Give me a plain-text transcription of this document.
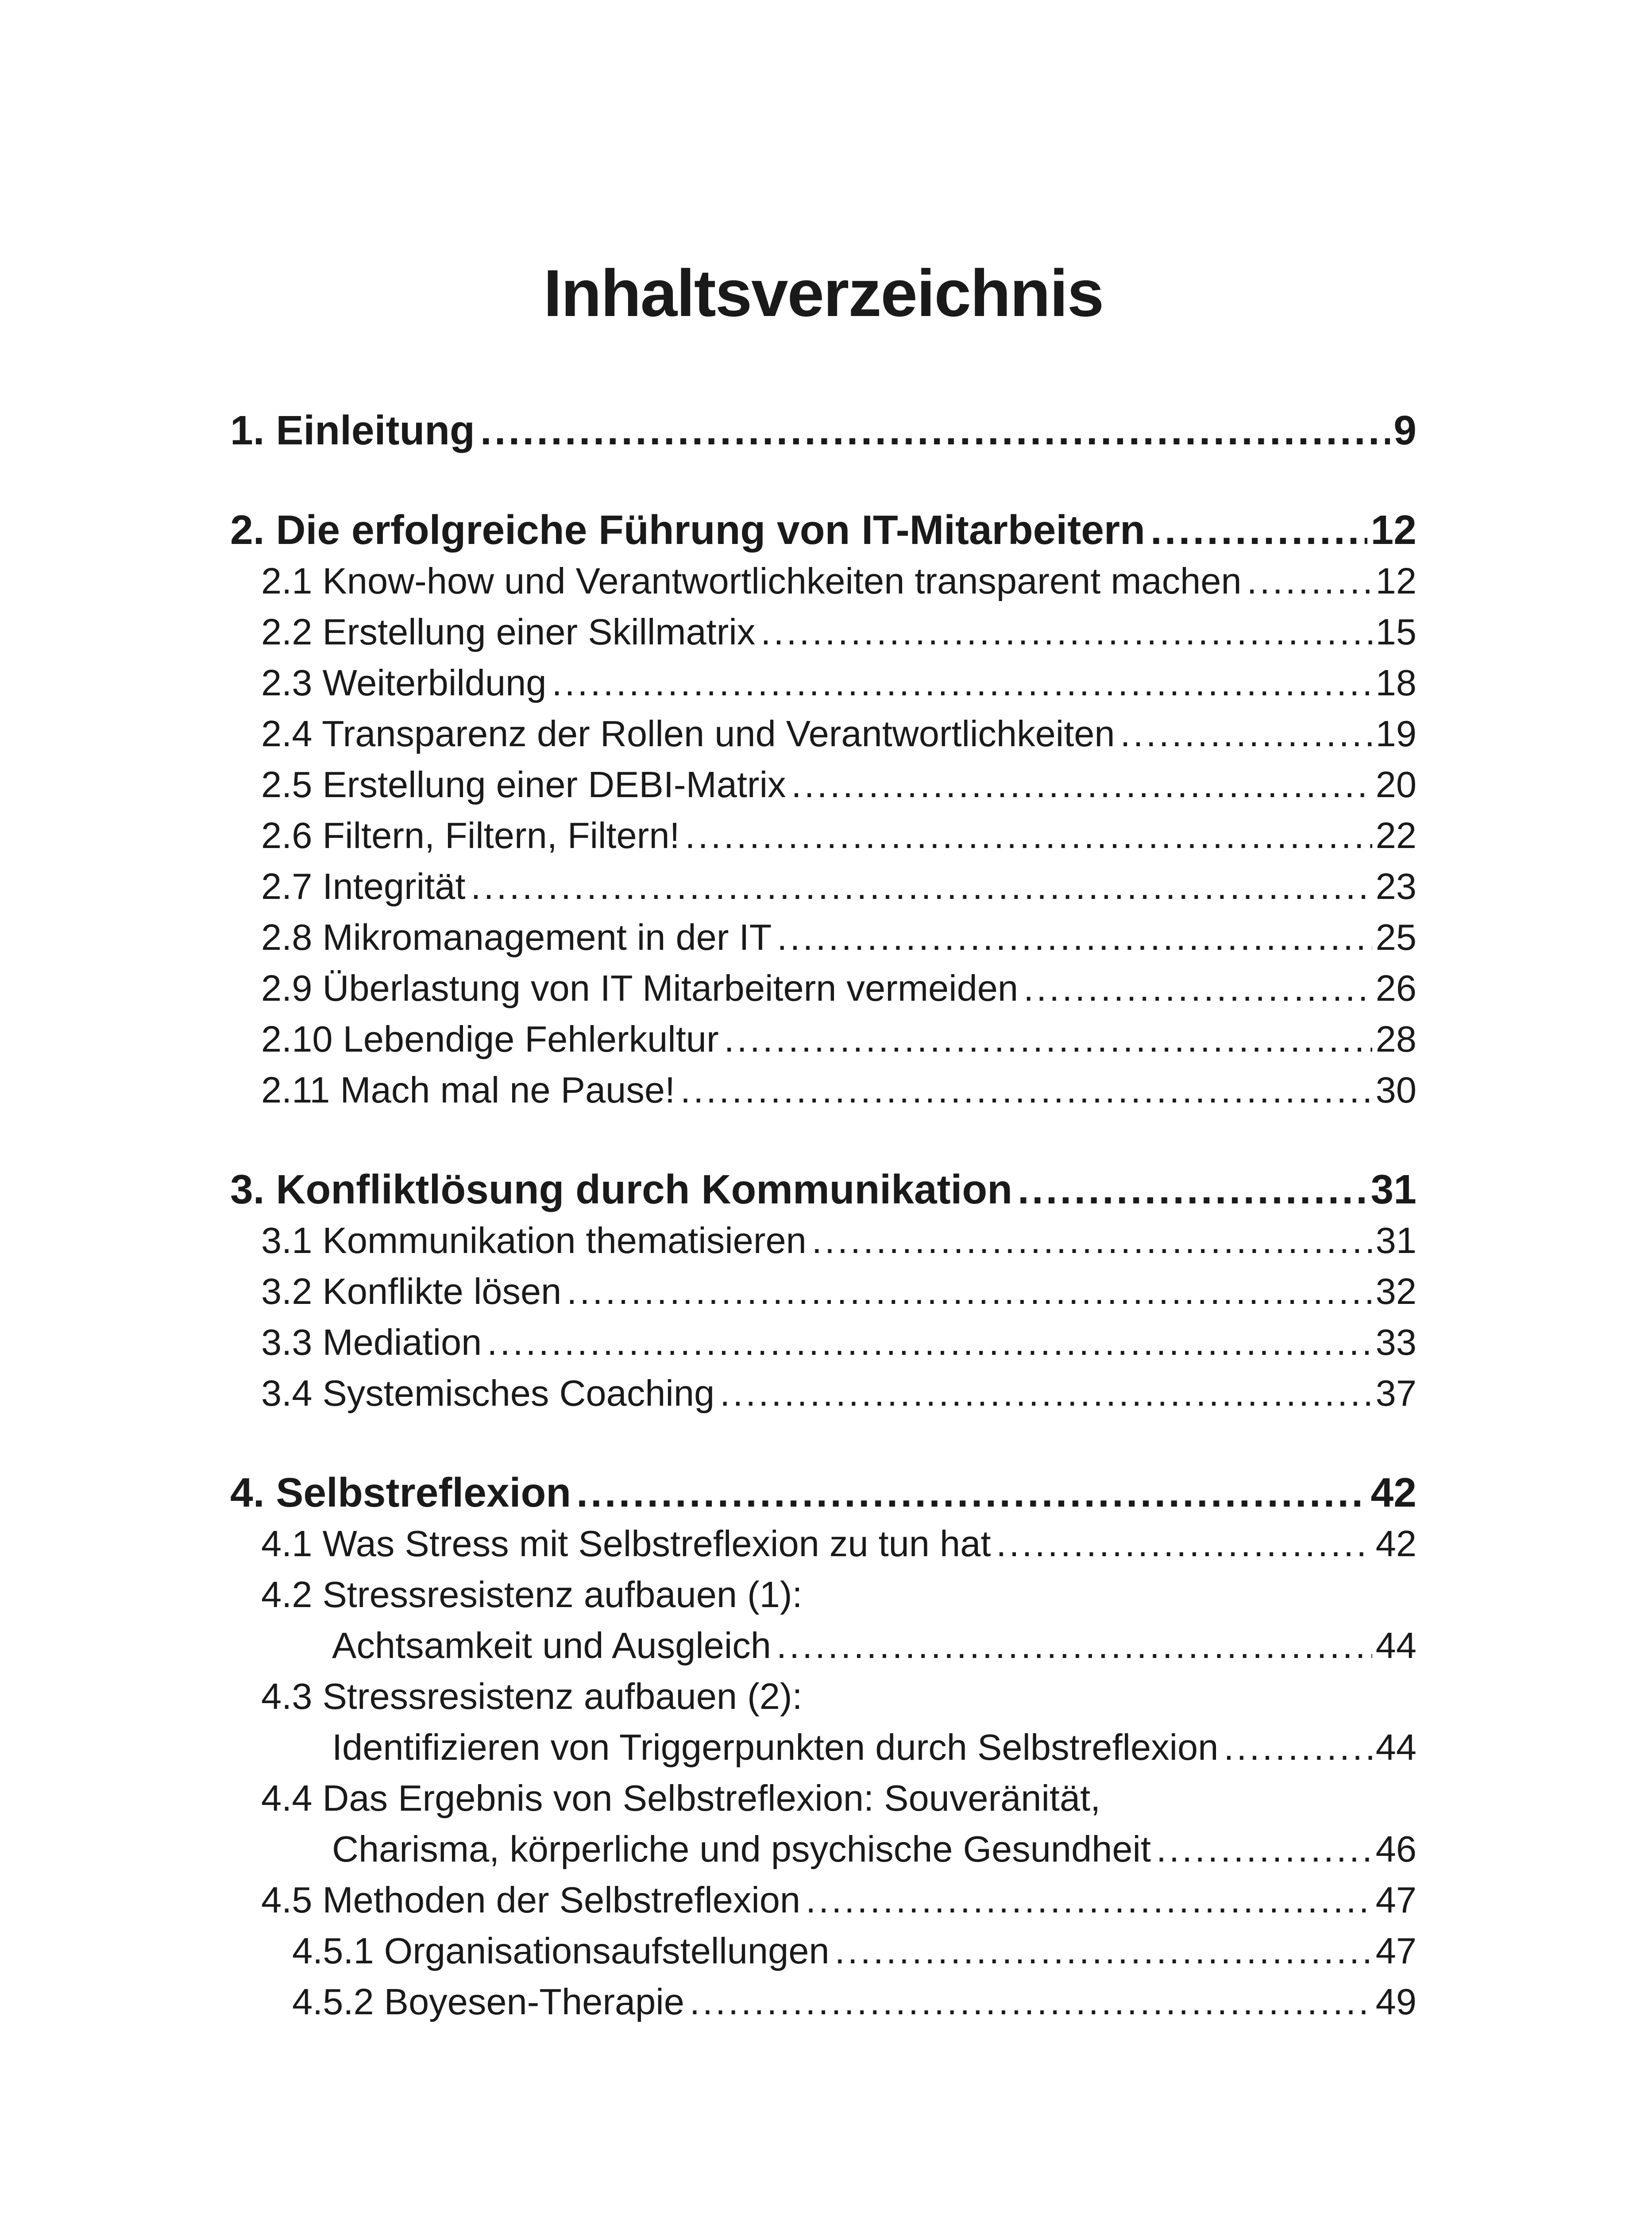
Inhaltsverzeichnis
1. Einleitung .....	9
2. Die erfolgreiche Führung von IT-Mitarbeitern .....	12
2.1 Know-how und Verantwortlichkeiten transparent machen .....	12
2.2 Erstellung einer Skillmatrix .....	15
2.3 Weiterbildung .....	18
2.4 Transparenz der Rollen und Verantwortlichkeiten .....	19
2.5 Erstellung einer DEBI-Matrix .....	20
2.6 Filtern, Filtern, Filtern! .....	22
2.7 Integrität .....	23
2.8 Mikromanagement in der IT .....	25
2.9 Überlastung von IT Mitarbeitern vermeiden .....	26
2.10 Lebendige Fehlerkultur .....	28
2.11 Mach mal ne Pause! .....	30
3. Konfliktlösung durch Kommunikation .....	31
3.1 Kommunikation thematisieren .....	31
3.2 Konflikte lösen .....	32
3.3 Mediation .....	33
3.4 Systemisches Coaching .....	37
4. Selbstreflexion .....	42
4.1 Was Stress mit Selbstreflexion zu tun hat .....	42
4.2 Stressresistenz aufbauen (1):
Achtsamkeit und Ausgleich .....	44
4.3 Stressresistenz aufbauen (2):
Identifizieren von Triggerpunkten durch Selbstreflexion .....	44
4.4 Das Ergebnis von Selbstreflexion: Souveränität,
Charisma, körperliche und psychische Gesundheit .....	46
4.5 Methoden der Selbstreflexion .....	47
4.5.1 Organisationsaufstellungen .....	47
4.5.2 Boyesen-Therapie .....	49
